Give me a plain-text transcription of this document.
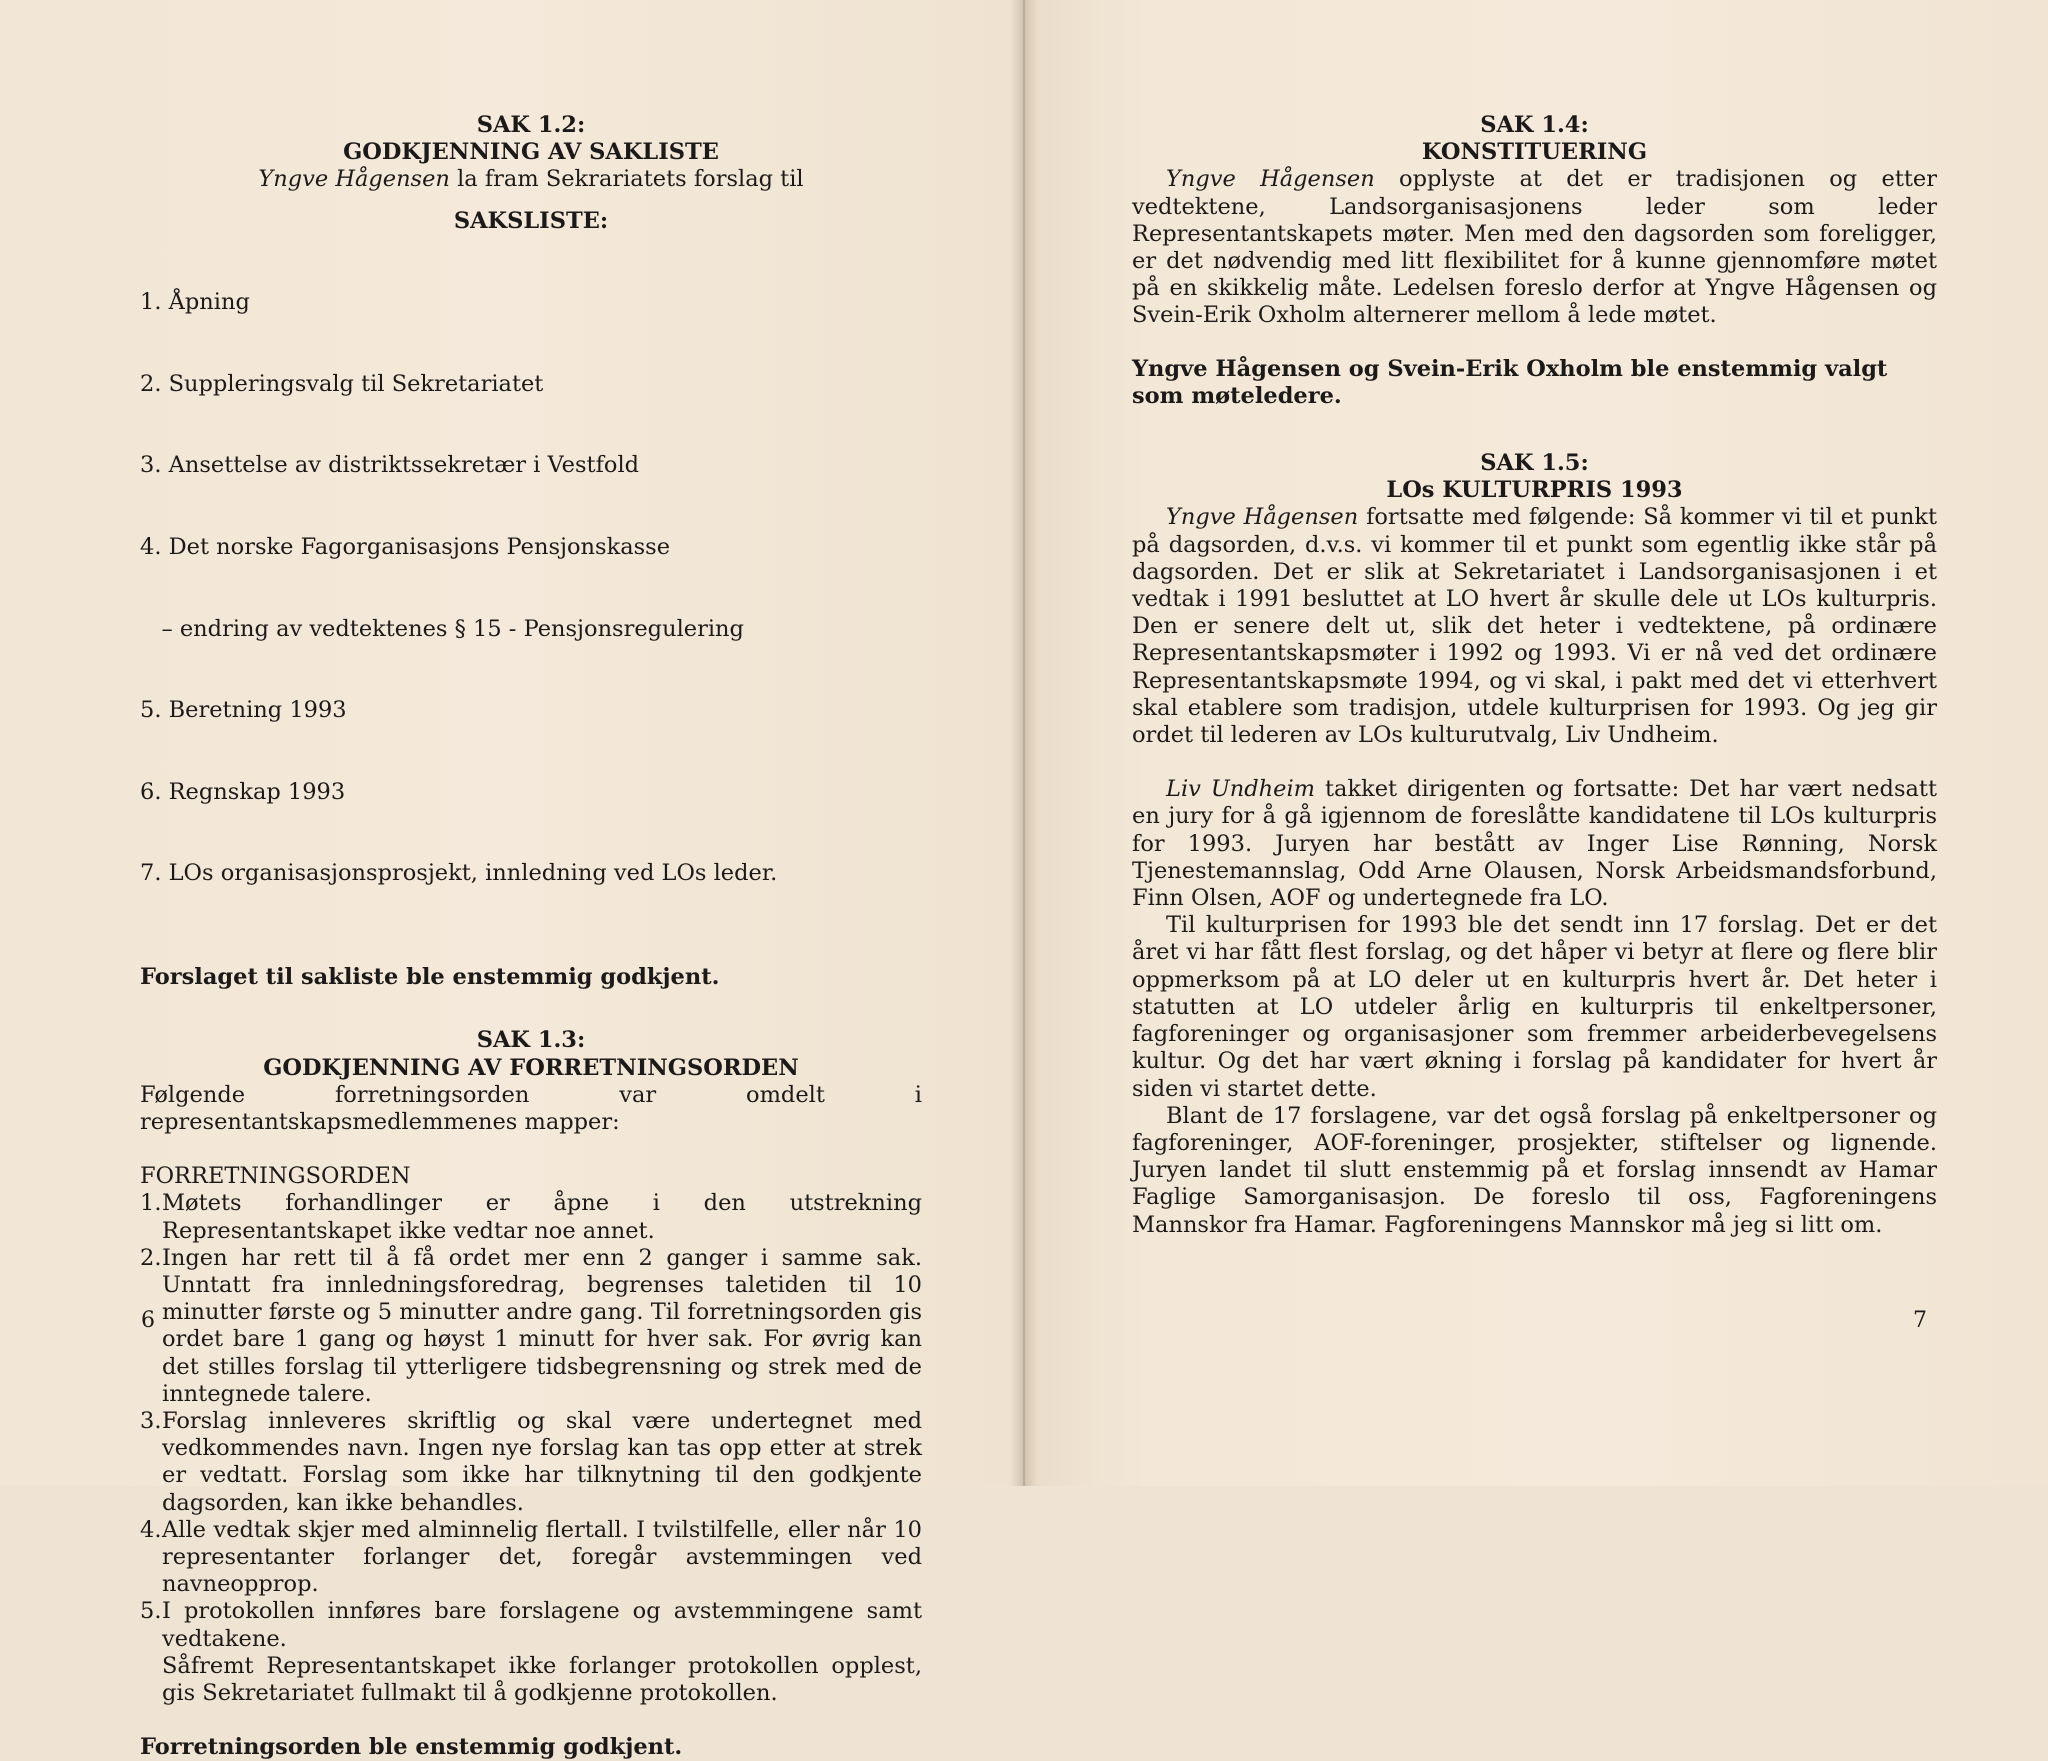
SAK 1.2:

GODKJENNING AV SAKLISTE

Yngve Hågensen la fram Sekrariatets forslag til

SAKSLISTE:

1. Åpning

2. Suppleringsvalg til Sekretariatet

3. Ansettelse av distriktssekretær i Vestfold

4. Det norske Fagorganisasjons Pensjonskasse

– endring av vedtektenes § 15 - Pensjonsregulering

5. Beretning 1993

6. Regnskap 1993

7. LOs organisasjonsprosjekt, innledning ved LOs leder.

Forslaget til sakliste ble enstemmig godkjent.

SAK 1.3:

GODKJENNING AV FORRETNINGSORDEN

Følgende forretningsorden var omdelt i representantskapsmedlemmenes mapper:

FORRETNINGSORDEN

1. Møtets forhandlinger er åpne i den utstrekning Representantskapet ikke vedtar noe annet.
2. Ingen har rett til å få ordet mer enn 2 ganger i samme sak. Unntatt fra innledningsforedrag, begrenses taletiden til 10 minutter første og 5 minutter andre gang. Til forretningsorden gis ordet bare 1 gang og høyst 1 minutt for hver sak. For øvrig kan det stilles forslag til ytterligere tidsbegrensning og strek med de inntegnede talere.
3. Forslag innleveres skriftlig og skal være undertegnet med vedkommendes navn. Ingen nye forslag kan tas opp etter at strek er vedtatt. Forslag som ikke har tilknytning til den godkjente dagsorden, kan ikke behandles.
4. Alle vedtak skjer med alminnelig flertall. I tvilstilfelle, eller når 10 representanter forlanger det, foregår avstemmingen ved navneopprop.
5. I protokollen innføres bare forslagene og avstemmingene samt vedtakene.

Såfremt Representantskapet ikke forlanger protokollen opplest, gis Sekretariatet fullmakt til å godkjenne protokollen.

Forretningsorden ble enstemmig godkjent.

6

SAK 1.4:

KONSTITUERING

Yngve Hågensen opplyste at det er tradisjonen og etter vedtektene, Landsorganisasjonens leder som leder Representantskapets møter. Men med den dagsorden som foreligger, er det nødvendig med litt flexibilitet for å kunne gjennomføre møtet på en skikkelig måte. Ledelsen foreslo derfor at Yngve Hågensen og Svein-Erik Oxholm alternerer mellom å lede møtet.

Yngve Hågensen og Svein-Erik Oxholm ble enstemmig valgt som møteledere.

SAK 1.5:

LOs KULTURPRIS 1993

Yngve Hågensen fortsatte med følgende: Så kommer vi til et punkt på dagsorden, d.v.s. vi kommer til et punkt som egentlig ikke står på dagsorden. Det er slik at Sekretariatet i Landsorganisasjonen i et vedtak i 1991 besluttet at LO hvert år skulle dele ut LOs kulturpris. Den er senere delt ut, slik det heter i vedtektene, på ordinære Representantskapsmøter i 1992 og 1993. Vi er nå ved det ordinære Representantskapsmøte 1994, og vi skal, i pakt med det vi etterhvert skal etablere som tradisjon, utdele kulturprisen for 1993. Og jeg gir ordet til lederen av LOs kulturutvalg, Liv Undheim.

Liv Undheim takket dirigenten og fortsatte: Det har vært nedsatt en jury for å gå igjennom de foreslåtte kandidatene til LOs kulturpris for 1993. Juryen har bestått av Inger Lise Rønning, Norsk Tjenestemannslag, Odd Arne Olausen, Norsk Arbeidsmandsforbund, Finn Olsen, AOF og undertegnede fra LO.

Til kulturprisen for 1993 ble det sendt inn 17 forslag. Det er det året vi har fått flest forslag, og det håper vi betyr at flere og flere blir oppmerksom på at LO deler ut en kulturpris hvert år. Det heter i statutten at LO utdeler årlig en kulturpris til enkeltpersoner, fagforeninger og organisasjoner som fremmer arbeiderbevegelsens kultur. Og det har vært økning i forslag på kandidater for hvert år siden vi startet dette.

Blant de 17 forslagene, var det også forslag på enkeltpersoner og fagforeninger, AOF-foreninger, prosjekter, stiftelser og lignende. Juryen landet til slutt enstemmig på et forslag innsendt av Hamar Faglige Samorganisasjon. De foreslo til oss, Fagforeningens Mannskor fra Hamar. Fagforeningens Mannskor må jeg si litt om.

7
